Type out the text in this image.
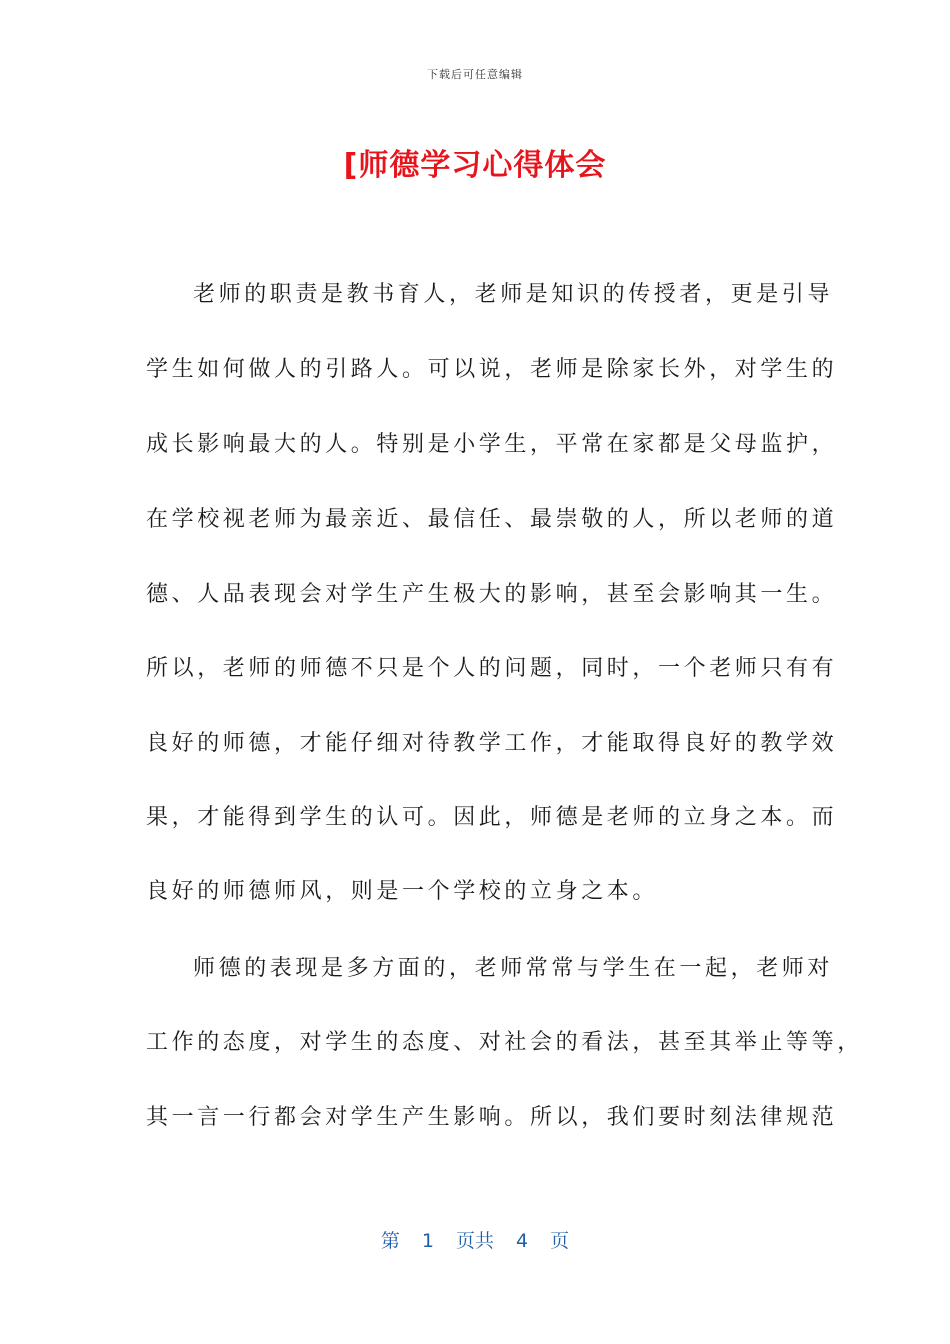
下载后可任意编辑
[师德学习心得体会
老师的职责是教书育人，老师是知识的传授者，更是引导
学生如何做人的引路人。可以说，老师是除家长外，对学生的
成长影响最大的人。特别是小学生，平常在家都是父母监护，
在学校视老师为最亲近、最信任、最崇敬的人，所以老师的道
德、人品表现会对学生产生极大的影响，甚至会影响其一生。
所以，老师的师德不只是个人的问题，同时，一个老师只有有
良好的师德，才能仔细对待教学工作，才能取得良好的教学效
果，才能得到学生的认可。因此，师德是老师的立身之本。而
良好的师德师风，则是一个学校的立身之本。
师德的表现是多方面的，老师常常与学生在一起，老师对
工作的态度，对学生的态度、对社会的看法，甚至其举止等等，
其一言一行都会对学生产生影响。所以，我们要时刻法律规范
第 1 页共 4 页
